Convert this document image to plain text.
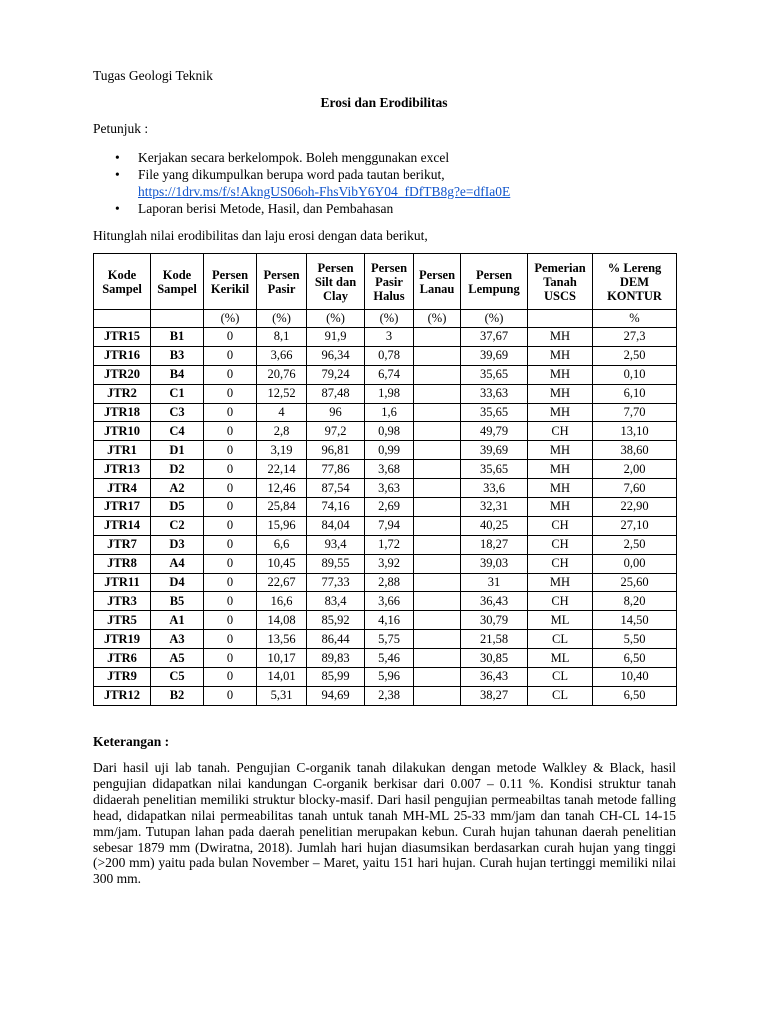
Tugas Geologi Teknik
Erosi dan Erodibilitas
Petunjuk :
• Kerjakan secara berkelompok. Boleh menggunakan excel
• File yang dikumpulkan berupa word pada tautan berikut,
https://1drv.ms/f/s!AkngUS06oh-FhsVibY6Y04_fDfTB8g?e=dfIa0E
• Laporan berisi Metode, Hasil, dan Pembahasan
Hitunglah nilai erodibilitas dan laju erosi dengan data berikut,
Kode Sampel	Kode Sampel	Persen Kerikil	Persen Pasir	Persen Silt dan Clay	Persen Pasir Halus	Persen Lanau	Persen Lempung	Pemerian Tanah USCS	% Lereng DEM KONTUR
		(%)	(%)	(%)	(%)	(%)	(%)		%
JTR15	B1	0	8,1	91,9	3		37,67	MH	27,3
JTR16	B3	0	3,66	96,34	0,78		39,69	MH	2,50
JTR20	B4	0	20,76	79,24	6,74		35,65	MH	0,10
JTR2	C1	0	12,52	87,48	1,98		33,63	MH	6,10
JTR18	C3	0	4	96	1,6		35,65	MH	7,70
JTR10	C4	0	2,8	97,2	0,98		49,79	CH	13,10
JTR1	D1	0	3,19	96,81	0,99		39,69	MH	38,60
JTR13	D2	0	22,14	77,86	3,68		35,65	MH	2,00
JTR4	A2	0	12,46	87,54	3,63		33,6	MH	7,60
JTR17	D5	0	25,84	74,16	2,69		32,31	MH	22,90
JTR14	C2	0	15,96	84,04	7,94		40,25	CH	27,10
JTR7	D3	0	6,6	93,4	1,72		18,27	CH	2,50
JTR8	A4	0	10,45	89,55	3,92		39,03	CH	0,00
JTR11	D4	0	22,67	77,33	2,88		31	MH	25,60
JTR3	B5	0	16,6	83,4	3,66		36,43	CH	8,20
JTR5	A1	0	14,08	85,92	4,16		30,79	ML	14,50
JTR19	A3	0	13,56	86,44	5,75		21,58	CL	5,50
JTR6	A5	0	10,17	89,83	5,46		30,85	ML	6,50
JTR9	C5	0	14,01	85,99	5,96		36,43	CL	10,40
JTR12	B2	0	5,31	94,69	2,38		38,27	CL	6,50
Keterangan :

Dari hasil uji lab tanah. Pengujian C-organik tanah dilakukan dengan metode Walkley & Black, hasil pengujian didapatkan nilai kandungan C-organik berkisar dari 0.007 – 0.11 %. Kondisi struktur tanah didaerah penelitian memiliki struktur blocky-masif. Dari hasil pengujian permeabiltas tanah metode falling head, didapatkan nilai permeabilitas tanah untuk tanah MH-ML 25-33 mm/jam dan tanah CH-CL 14-15 mm/jam. Tutupan lahan pada daerah penelitian merupakan kebun. Curah hujan tahunan daerah penelitian sebesar 1879 mm (Dwiratna, 2018). Jumlah hari hujan diasumsikan berdasarkan curah hujan yang tinggi (>200 mm) yaitu pada bulan November – Maret, yaitu 151 hari hujan. Curah hujan tertinggi memiliki nilai 300 mm.
